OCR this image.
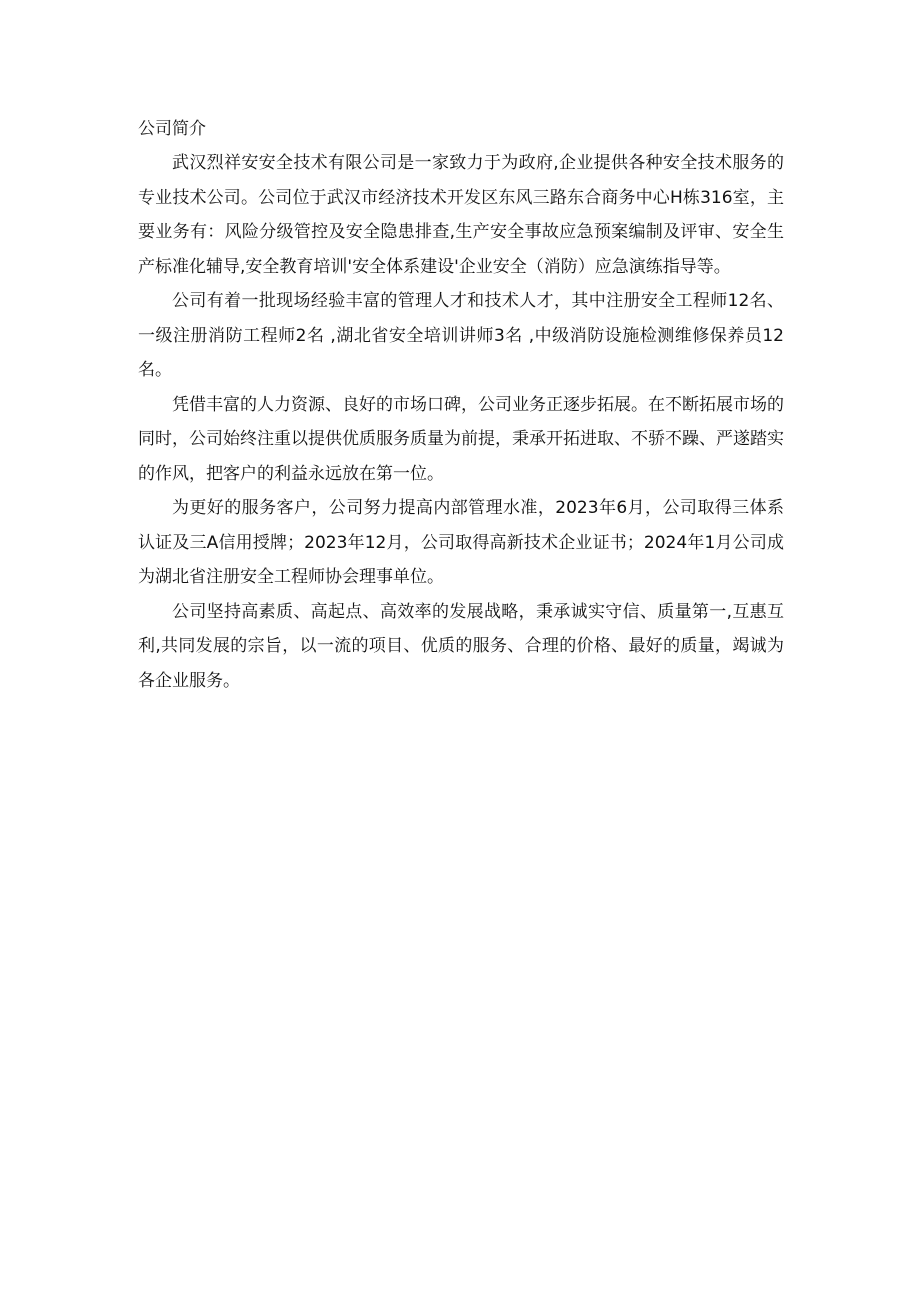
公司简介

武汉烈祥安安全技术有限公司是一家致力于为政府,企业提供各种安全技术服务的专业技术公司。公司位于武汉市经济技术开发区东风三路东合商务中心H栋316室，主要业务有：风险分级管控及安全隐患排查,生产安全事故应急预案编制及评审、安全生产标准化辅导,安全教育培训'安全体系建设'企业安全（消防）应急演练指导等。

公司有着一批现场经验丰富的管理人才和技术人才，其中注册安全工程师12名、一级注册消防工程师2名 ,湖北省安全培训讲师3名 ,中级消防设施检测维修保养员12名。

凭借丰富的人力资源、良好的市场口碑，公司业务正逐步拓展。在不断拓展市场的同时，公司始终注重以提供优质服务质量为前提，秉承开拓进取、不骄不躁、严遂踏实的作风，把客户的利益永远放在第一位。

为更好的服务客户，公司努力提高内部管理水准，2023年6月，公司取得三体系认证及三A信用授牌；2023年12月，公司取得高新技术企业证书；2024年1月公司成为湖北省注册安全工程师协会理事单位。

公司坚持高素质、高起点、高效率的发展战略，秉承诚实守信、质量第一,互惠互利,共同发展的宗旨，以一流的项目、优质的服务、合理的价格、最好的质量，竭诚为各企业服务。
